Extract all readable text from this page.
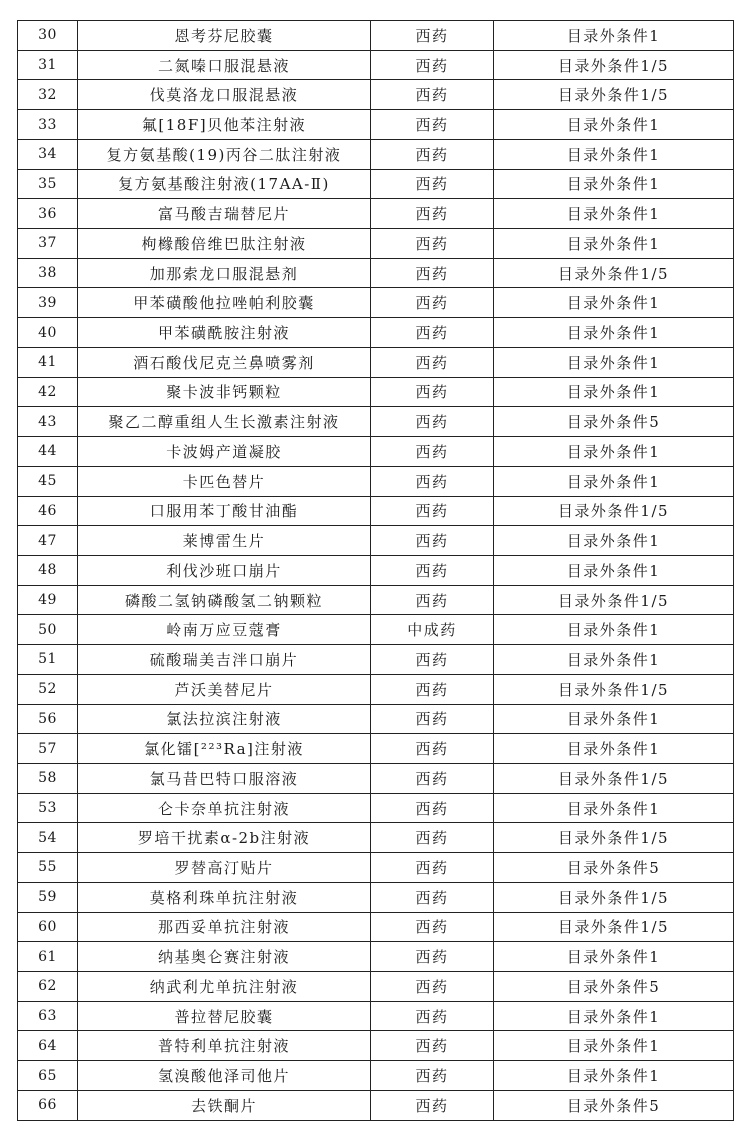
30	恩考芬尼胶囊	西药	目录外条件1
31	二氮嗪口服混悬液	西药	目录外条件1/5
32	伐莫洛龙口服混悬液	西药	目录外条件1/5
33	氟[18F]贝他苯注射液	西药	目录外条件1
34	复方氨基酸(19)丙谷二肽注射液	西药	目录外条件1
35	复方氨基酸注射液(17AA-Ⅱ)	西药	目录外条件1
36	富马酸吉瑞替尼片	西药	目录外条件1
37	枸橼酸倍维巴肽注射液	西药	目录外条件1
38	加那索龙口服混悬剂	西药	目录外条件1/5
39	甲苯磺酸他拉唑帕利胶囊	西药	目录外条件1
40	甲苯磺酰胺注射液	西药	目录外条件1
41	酒石酸伐尼克兰鼻喷雾剂	西药	目录外条件1
42	聚卡波非钙颗粒	西药	目录外条件1
43	聚乙二醇重组人生长激素注射液	西药	目录外条件5
44	卡波姆产道凝胶	西药	目录外条件1
45	卡匹色替片	西药	目录外条件1
46	口服用苯丁酸甘油酯	西药	目录外条件1/5
47	莱博雷生片	西药	目录外条件1
48	利伐沙班口崩片	西药	目录外条件1
49	磷酸二氢钠磷酸氢二钠颗粒	西药	目录外条件1/5
50	岭南万应豆蔻膏	中成药	目录外条件1
51	硫酸瑞美吉泮口崩片	西药	目录外条件1
52	芦沃美替尼片	西药	目录外条件1/5
56	氯法拉滨注射液	西药	目录外条件1
57	氯化镭[²²³Ra]注射液	西药	目录外条件1
58	氯马昔巴特口服溶液	西药	目录外条件1/5
53	仑卡奈单抗注射液	西药	目录外条件1
54	罗培干扰素α-2b注射液	西药	目录外条件1/5
55	罗替高汀贴片	西药	目录外条件5
59	莫格利珠单抗注射液	西药	目录外条件1/5
60	那西妥单抗注射液	西药	目录外条件1/5
61	纳基奥仑赛注射液	西药	目录外条件1
62	纳武利尤单抗注射液	西药	目录外条件5
63	普拉替尼胶囊	西药	目录外条件1
64	普特利单抗注射液	西药	目录外条件1
65	氢溴酸他泽司他片	西药	目录外条件1
66	去铁酮片	西药	目录外条件5
